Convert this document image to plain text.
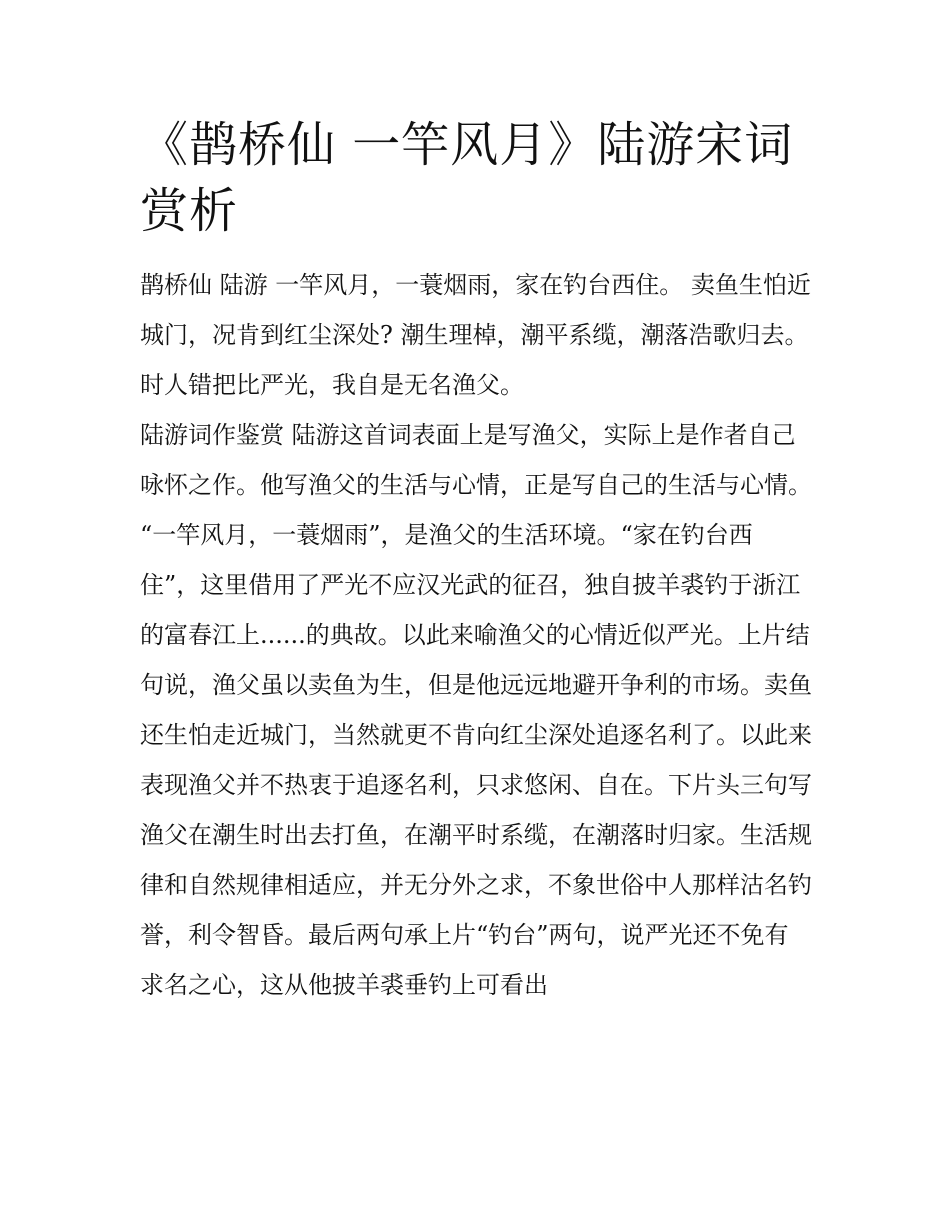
《鹊桥仙 一竿风月》陆游宋词赏析

鹊桥仙 陆游 一竿风月，一蓑烟雨，家在钓台西住。 卖鱼生怕近城门，况肯到红尘深处? 潮生理棹，潮平系缆，潮落浩歌归去。 时人错把比严光，我自是无名渔父。

陆游词作鉴赏 陆游这首词表面上是写渔父，实际上是作者自己咏怀之作。他写渔父的生活与心情，正是写自己的生活与心情。

“一竿风月，一蓑烟雨”，是渔父的生活环境。“家在钓台西住”，这里借用了严光不应汉光武的征召，独自披羊裘钓于浙江的富春江上......的典故。以此来喻渔父的心情近似严光。上片结句说，渔父虽以卖鱼为生，但是他远远地避开争利的市场。卖鱼还生怕走近城门，当然就更不肯向红尘深处追逐名利了。以此来表现渔父并不热衷于追逐名利，只求悠闲、自在。下片头三句写渔父在潮生时出去打鱼，在潮平时系缆，在潮落时归家。生活规律和自然规律相适应，并无分外之求，不象世俗中人那样沽名钓誉，利令智昏。最后两句承上片“钓台”两句，说严光还不免有求名之心，这从他披羊裘垂钓上可看出
